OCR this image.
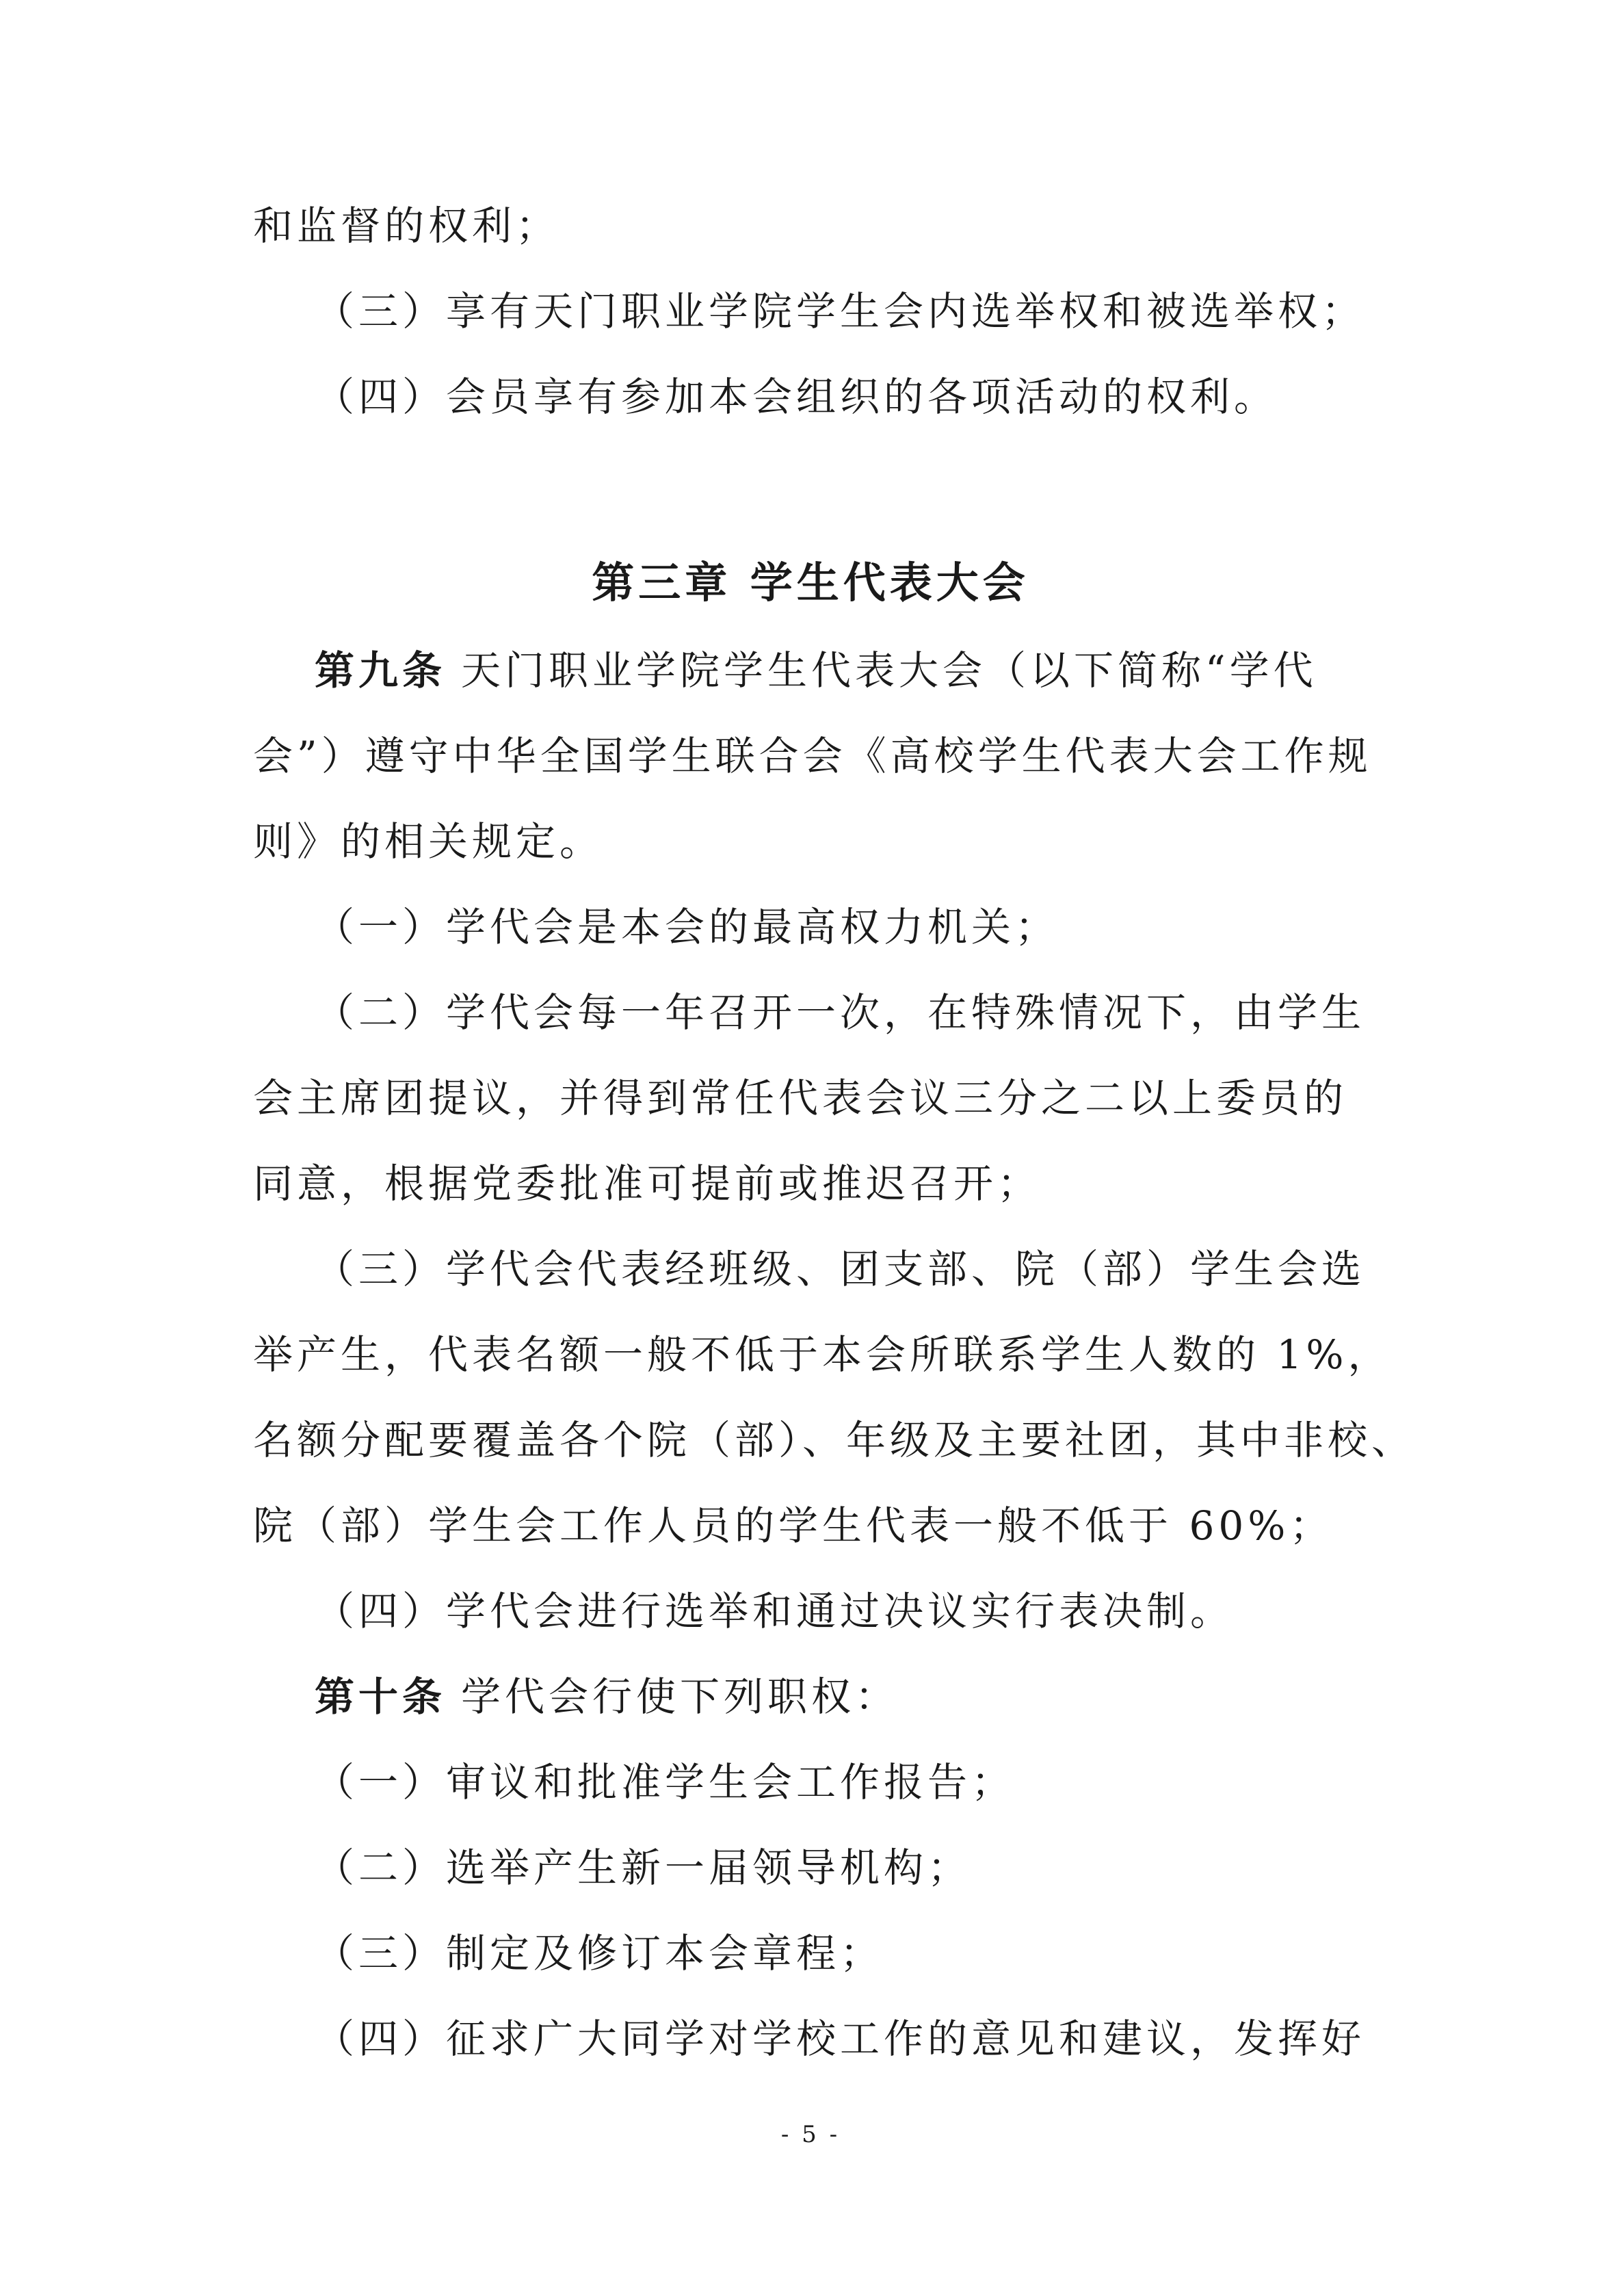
和监督的权利；
（三）享有天门职业学院学生会内选举权和被选举权；
（四）会员享有参加本会组织的各项活动的权利。
第三章 学生代表大会
第九条 天门职业学院学生代表大会（以下简称“学代
会”）遵守中华全国学生联合会《高校学生代表大会工作规
则》的相关规定。
（一）学代会是本会的最高权力机关；
（二）学代会每一年召开一次，在特殊情况下，由学生
会主席团提议，并得到常任代表会议三分之二以上委员的
同意，根据党委批准可提前或推迟召开；
（三）学代会代表经班级、团支部、院（部）学生会选
举产生，代表名额一般不低于本会所联系学生人数的 1%，
名额分配要覆盖各个院（部）、年级及主要社团，其中非校、
院（部）学生会工作人员的学生代表一般不低于 60%；
（四）学代会进行选举和通过决议实行表决制。
第十条 学代会行使下列职权：
（一）审议和批准学生会工作报告；
（二）选举产生新一届领导机构；
（三）制定及修订本会章程；
（四）征求广大同学对学校工作的意见和建议，发挥好
- 5 -
